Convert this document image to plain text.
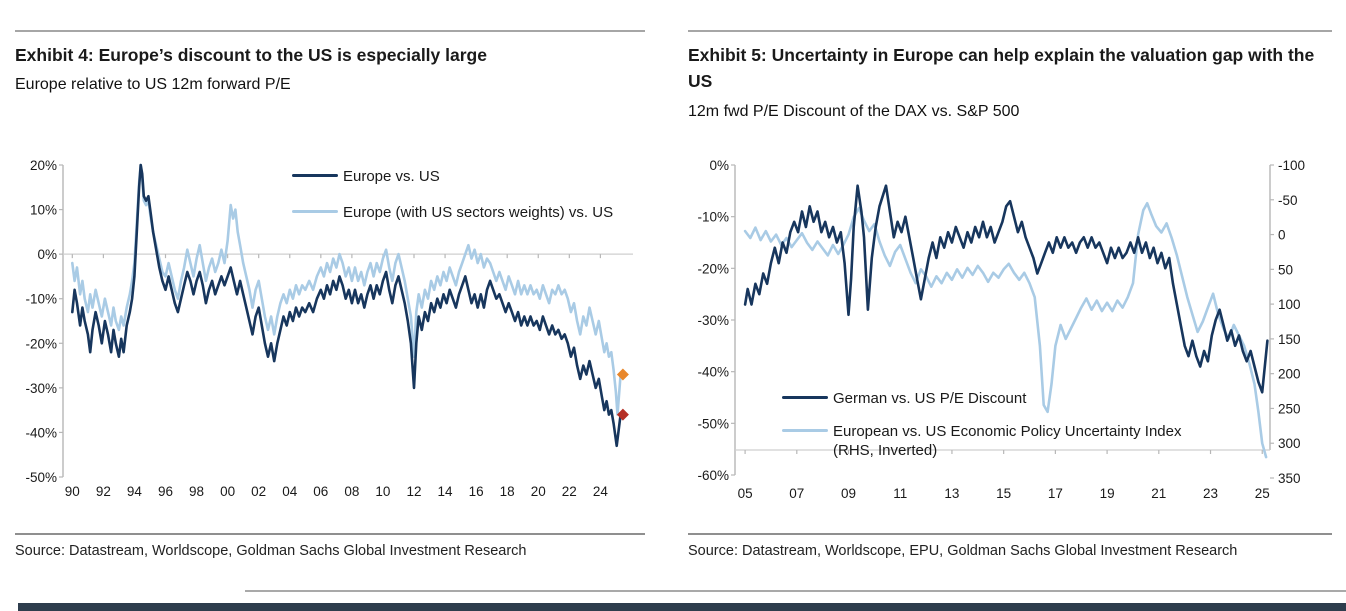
Exhibit 4: Europe’s discount to the US is especially large
Europe relative to US 12m forward P/E
Exhibit 5: Uncertainty in Europe can help explain the valuation gap with the US
12m fwd P/E Discount of the DAX vs. S&P 500
20%
10%
0%
-10%
-20%
-30%
-40%
-50%
90 92 94 96 98 00 02 04 06 08 10 12 14 16 18 20 22 24
0%
-10%
-20%
-30%
-40%
-50%
-60%
-100
-50
0
50
100
150
200
250
300
350
05	07	09	11	13	15	17	19	21	23	25
Europe vs. US
Europe (with US sectors weights) vs. US
German vs. US P/E Discount
European vs. US Economic Policy Uncertainty Index
(RHS, Inverted)
Source: Datastream, Worldscope, Goldman Sachs Global Investment Research	Source: Datastream, Worldscope, EPU, Goldman Sachs Global Investment Research
